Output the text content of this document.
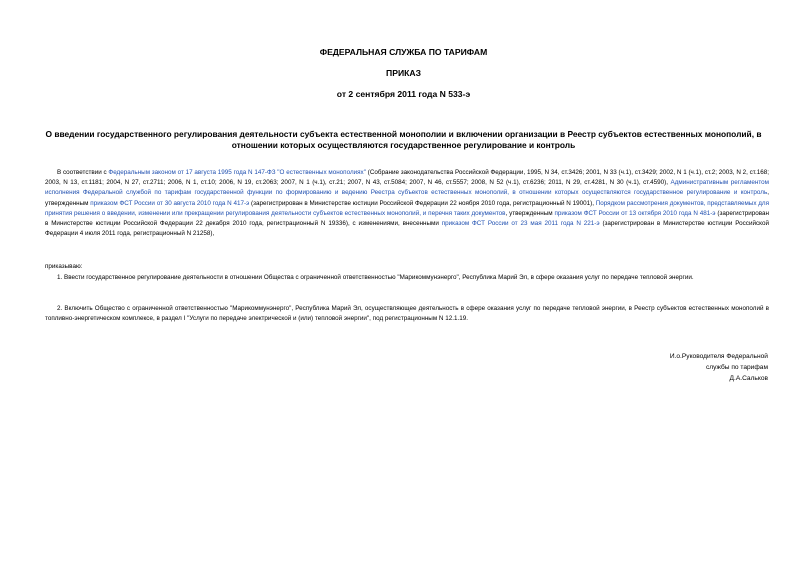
ФЕДЕРАЛЬНАЯ СЛУЖБА ПО ТАРИФАМ
ПРИКАЗ
от 2 сентября 2011 года N 533-э
О введении государственного регулирования деятельности субъекта естественной монополии и включении организации в Реестр субъектов естественных монополий, в отношении которых осуществляются государственное регулирование и контроль

В соответствии с Федеральным законом от 17 августа 1995 года N 147-ФЗ "О естественных монополиях" (Собрание законодательства Российской Федерации, 1995, N 34, ст.3426; 2001, N 33 (ч.1), ст.3429; 2002, N 1 (ч.1), ст.2; 2003, N 2, ст.168; 2003, N 13, ст.1181; 2004, N 27, ст.2711; 2006, N 1, ст.10; 2006, N 19, ст.2063; 2007, N 1 (ч.1), ст.21; 2007, N 43, ст.5084; 2007, N 46, ст.5557; 2008, N 52 (ч.1), ст.6236; 2011, N 29, ст.4281, N 30 (ч.1), ст.4590), Административным регламентом исполнения Федеральной службой по тарифам государственной функции по формированию и ведению Реестра субъектов естественных монополий, в отношении которых осуществляются государственное регулирование и контроль, утвержденным приказом ФСТ России от 30 августа 2010 года N 417-э (зарегистрирован в Министерстве юстиции Российской Федерации 22 ноября 2010 года, регистрационный N 19001), Порядком рассмотрения документов, представляемых для принятия решения о введении, изменении или прекращении регулирования деятельности субъектов естественных монополий, и перечня таких документов, утвержденным приказом ФСТ России от 13 октября 2010 года N 481-э (зарегистрирован в Министерстве юстиции Российской Федерации 22 декабря 2010 года, регистрационный N 19336), с изменениями, внесенными приказом ФСТ России от 23 мая 2011 года N 221-э (зарегистрирован в Министерстве юстиции Российской Федерации 4 июля 2011 года, регистрационный N 21258),

приказываю:

1. Ввести государственное регулирование деятельности в отношении Общества с ограниченной ответственностью "Марикоммунэнерго", Республика Марий Эл, в сфере оказания услуг по передаче тепловой энергии.

2. Включить Общество с ограниченной ответственностью "Марикоммунэнерго", Республика Марий Эл, осуществляющее деятельность в сфере оказания услуг по передаче тепловой энергии, в Реестр субъектов естественных монополий в топливно-энергетическом комплексе, в раздел I "Услуги по передаче электрической и (или) тепловой энергии", под регистрационным N 12.1.19.

И.о.Руководителя Федеральной
службы по тарифам
Д.А.Сальков
